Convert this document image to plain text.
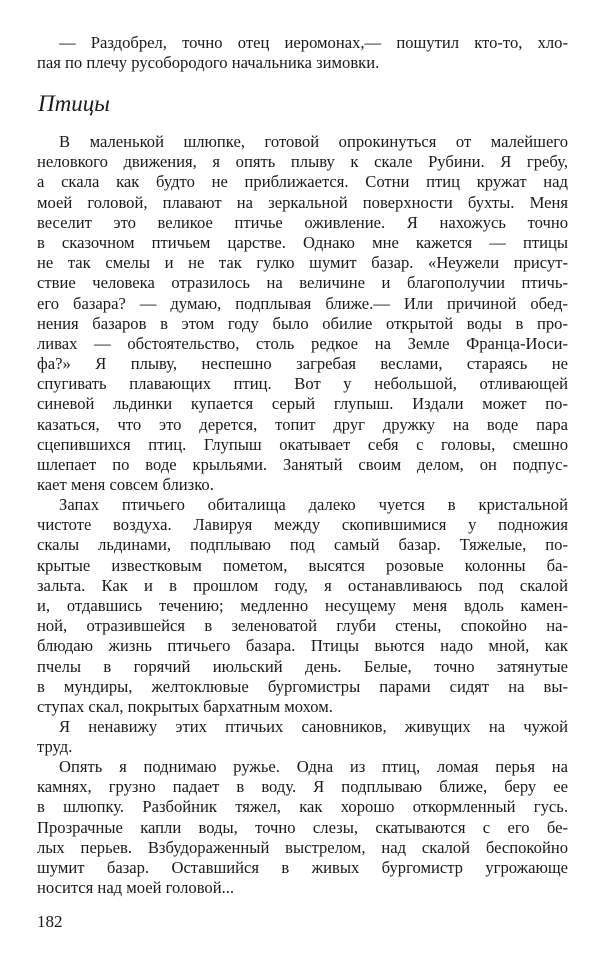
— Раздобрел, точно отец иеромонах,— пошутил кто-то, хло-
пая по плечу русобородого начальника зимовки.
Птицы
В маленькой шлюпке, готовой опрокинуться от малейшего
неловкого движения, я опять плыву к скале Рубини. Я гребу,
а скала как будто не приближается. Сотни птиц кружат над
моей головой, плавают на зеркальной поверхности бухты. Меня
веселит это великое птичье оживление. Я нахожусь точно
в сказочном птичьем царстве. Однако мне кажется — птицы
не так смелы и не так гулко шумит базар. «Неужели присут-
ствие человека отразилось на величине и благополучии птичь-
его базара? — думаю, подплывая ближе.— Или причиной обед-
нения базаров в этом году было обилие открытой воды в про-
ливах — обстоятельство, столь редкое на Земле Франца-Иоси-
фа?» Я плыву, неспешно загребая веслами, стараясь не
спугивать плавающих птиц. Вот у небольшой, отливающей
синевой льдинки купается серый глупыш. Издали может по-
казаться, что это дерется, топит друг дружку на воде пара
сцепившихся птиц. Глупыш окатывает себя с головы, смешно
шлепает по воде крыльями. Занятый своим делом, он подпус-
кает меня совсем близко.
Запах птичьего обиталища далеко чуется в кристальной
чистоте воздуха. Лавируя между скопившимися у подножия
скалы льдинами, подплываю под самый базар. Тяжелые, по-
крытые известковым пометом, высятся розовые колонны ба-
зальта. Как и в прошлом году, я останавливаюсь под скалой
и, отдавшись течению; медленно несущему меня вдоль камен-
ной, отразившейся в зеленоватой глуби стены, спокойно на-
блюдаю жизнь птичьего базара. Птицы вьются надо мной, как
пчелы в горячий июльский день. Белые, точно затянутые
в мундиры, желтоклювые бургомистры парами сидят на вы-
ступах скал, покрытых бархатным мохом.
Я ненавижу этих птичьих сановников, живущих на чужой
труд.
Опять я поднимаю ружье. Одна из птиц, ломая перья на
камнях, грузно падает в воду. Я подплываю ближе, беру ее
в шлюпку. Разбойник тяжел, как хорошо откормленный гусь.
Прозрачные капли воды, точно слезы, скатываются с его бе-
лых перьев. Взбудораженный выстрелом, над скалой беспокойно
шумит базар. Оставшийся в живых бургомистр угрожающе
носится над моей головой...
182
